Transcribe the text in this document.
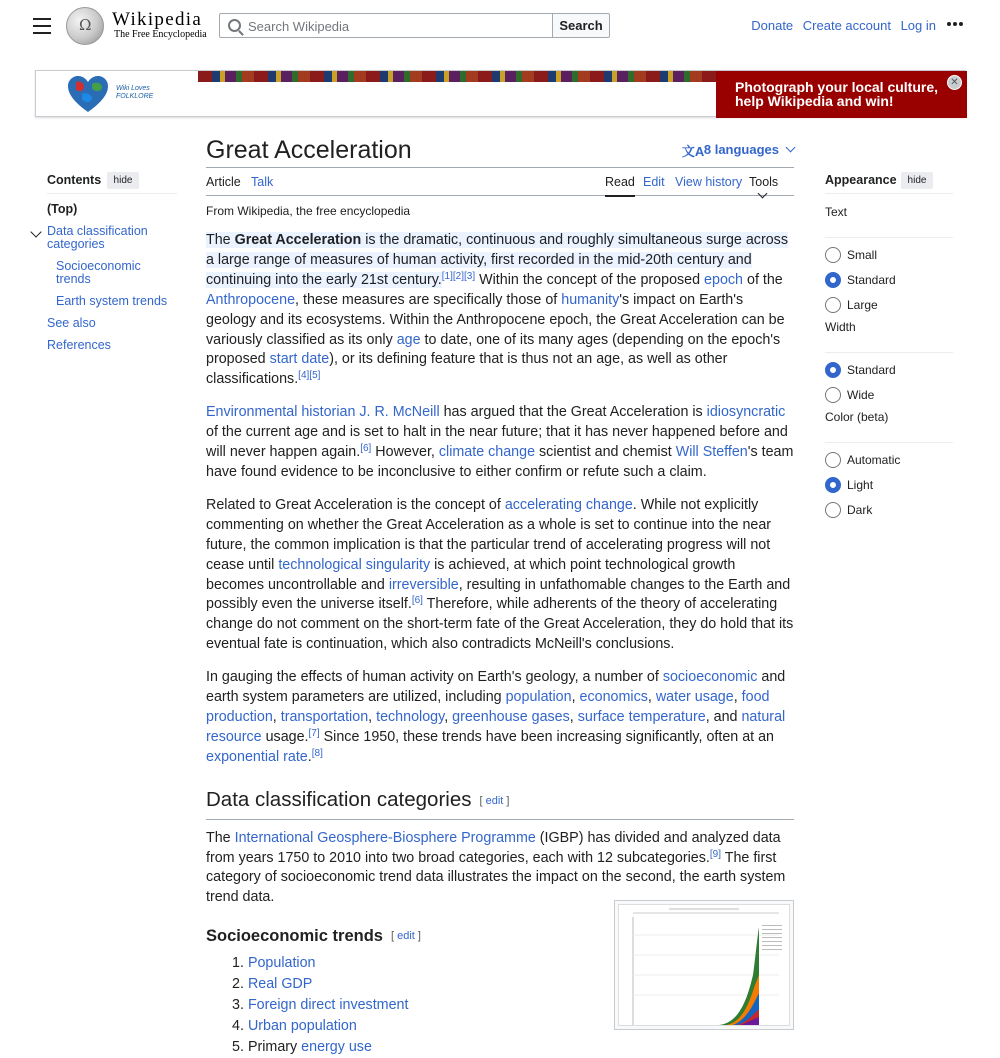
Ω
Wikipedia
The Free Encyclopedia
Search Wikipedia
Search	Donate Create account Log in
Wiki Loves
FOLKLORE
Photograph your local culture, help Wikipedia and win!
✕
Contents	hide
(Top)
Data classification categories
Socioeconomic trends
Earth system trends
See also
References
Great Acceleration	文A8 languages
Article Talk	Read Edit View history Tools
From Wikipedia, the free encyclopedia

The Great Acceleration is the dramatic, continuous and roughly simultaneous surge across a large range of measures of human activity, first recorded in the mid-20th century and continuing into the early 21st century.[1][2][3] Within the concept of the proposed epoch of the Anthropocene, these measures are specifically those of humanity's impact on Earth's geology and its ecosystems. Within the Anthropocene epoch, the Great Acceleration can be variously classified as its only age to date, one of its many ages (depending on the epoch's proposed start date), or its defining feature that is thus not an age, as well as other classifications.[4][5]

Environmental historian J. R. McNeill has argued that the Great Acceleration is idiosyncratic of the current age and is set to halt in the near future; that it has never happened before and will never happen again.[6] However, climate change scientist and chemist Will Steffen's team have found evidence to be inconclusive to either confirm or refute such a claim.

Related to Great Acceleration is the concept of accelerating change. While not explicitly commenting on whether the Great Acceleration as a whole is set to continue into the near future, the common implication is that the particular trend of accelerating progress will not cease until technological singularity is achieved, at which point technological growth becomes uncontrollable and irreversible, resulting in unfathomable changes to the Earth and possibly even the universe itself.[6] Therefore, while adherents of the theory of accelerating change do not comment on the short-term fate of the Great Acceleration, they do hold that its eventual fate is continuation, which also contradicts McNeill's conclusions.

In gauging the effects of human activity on Earth's geology, a number of socioeconomic and earth system parameters are utilized, including population, economics, water usage, food production, transportation, technology, greenhouse gases, surface temperature, and natural resource usage.[7] Since 1950, these trends have been increasing significantly, often at an exponential rate.[8]

Data classification categories [ edit ]

The International Geosphere-Biosphere Programme (IGBP) has divided and analyzed data from years 1750 to 2010 into two broad categories, each with 12 subcategories.[9] The first category of socioeconomic trend data illustrates the impact on the second, the earth system trend data.

Socioeconomic trends [ edit ]
1. Population
2. Real GDP
3. Foreign direct investment
4. Urban population
5. Primary energy use
Appearance	hide
Text
Small
Standard
Large
Width
Standard
Wide
Color (beta)
Automatic
Light
Dark
